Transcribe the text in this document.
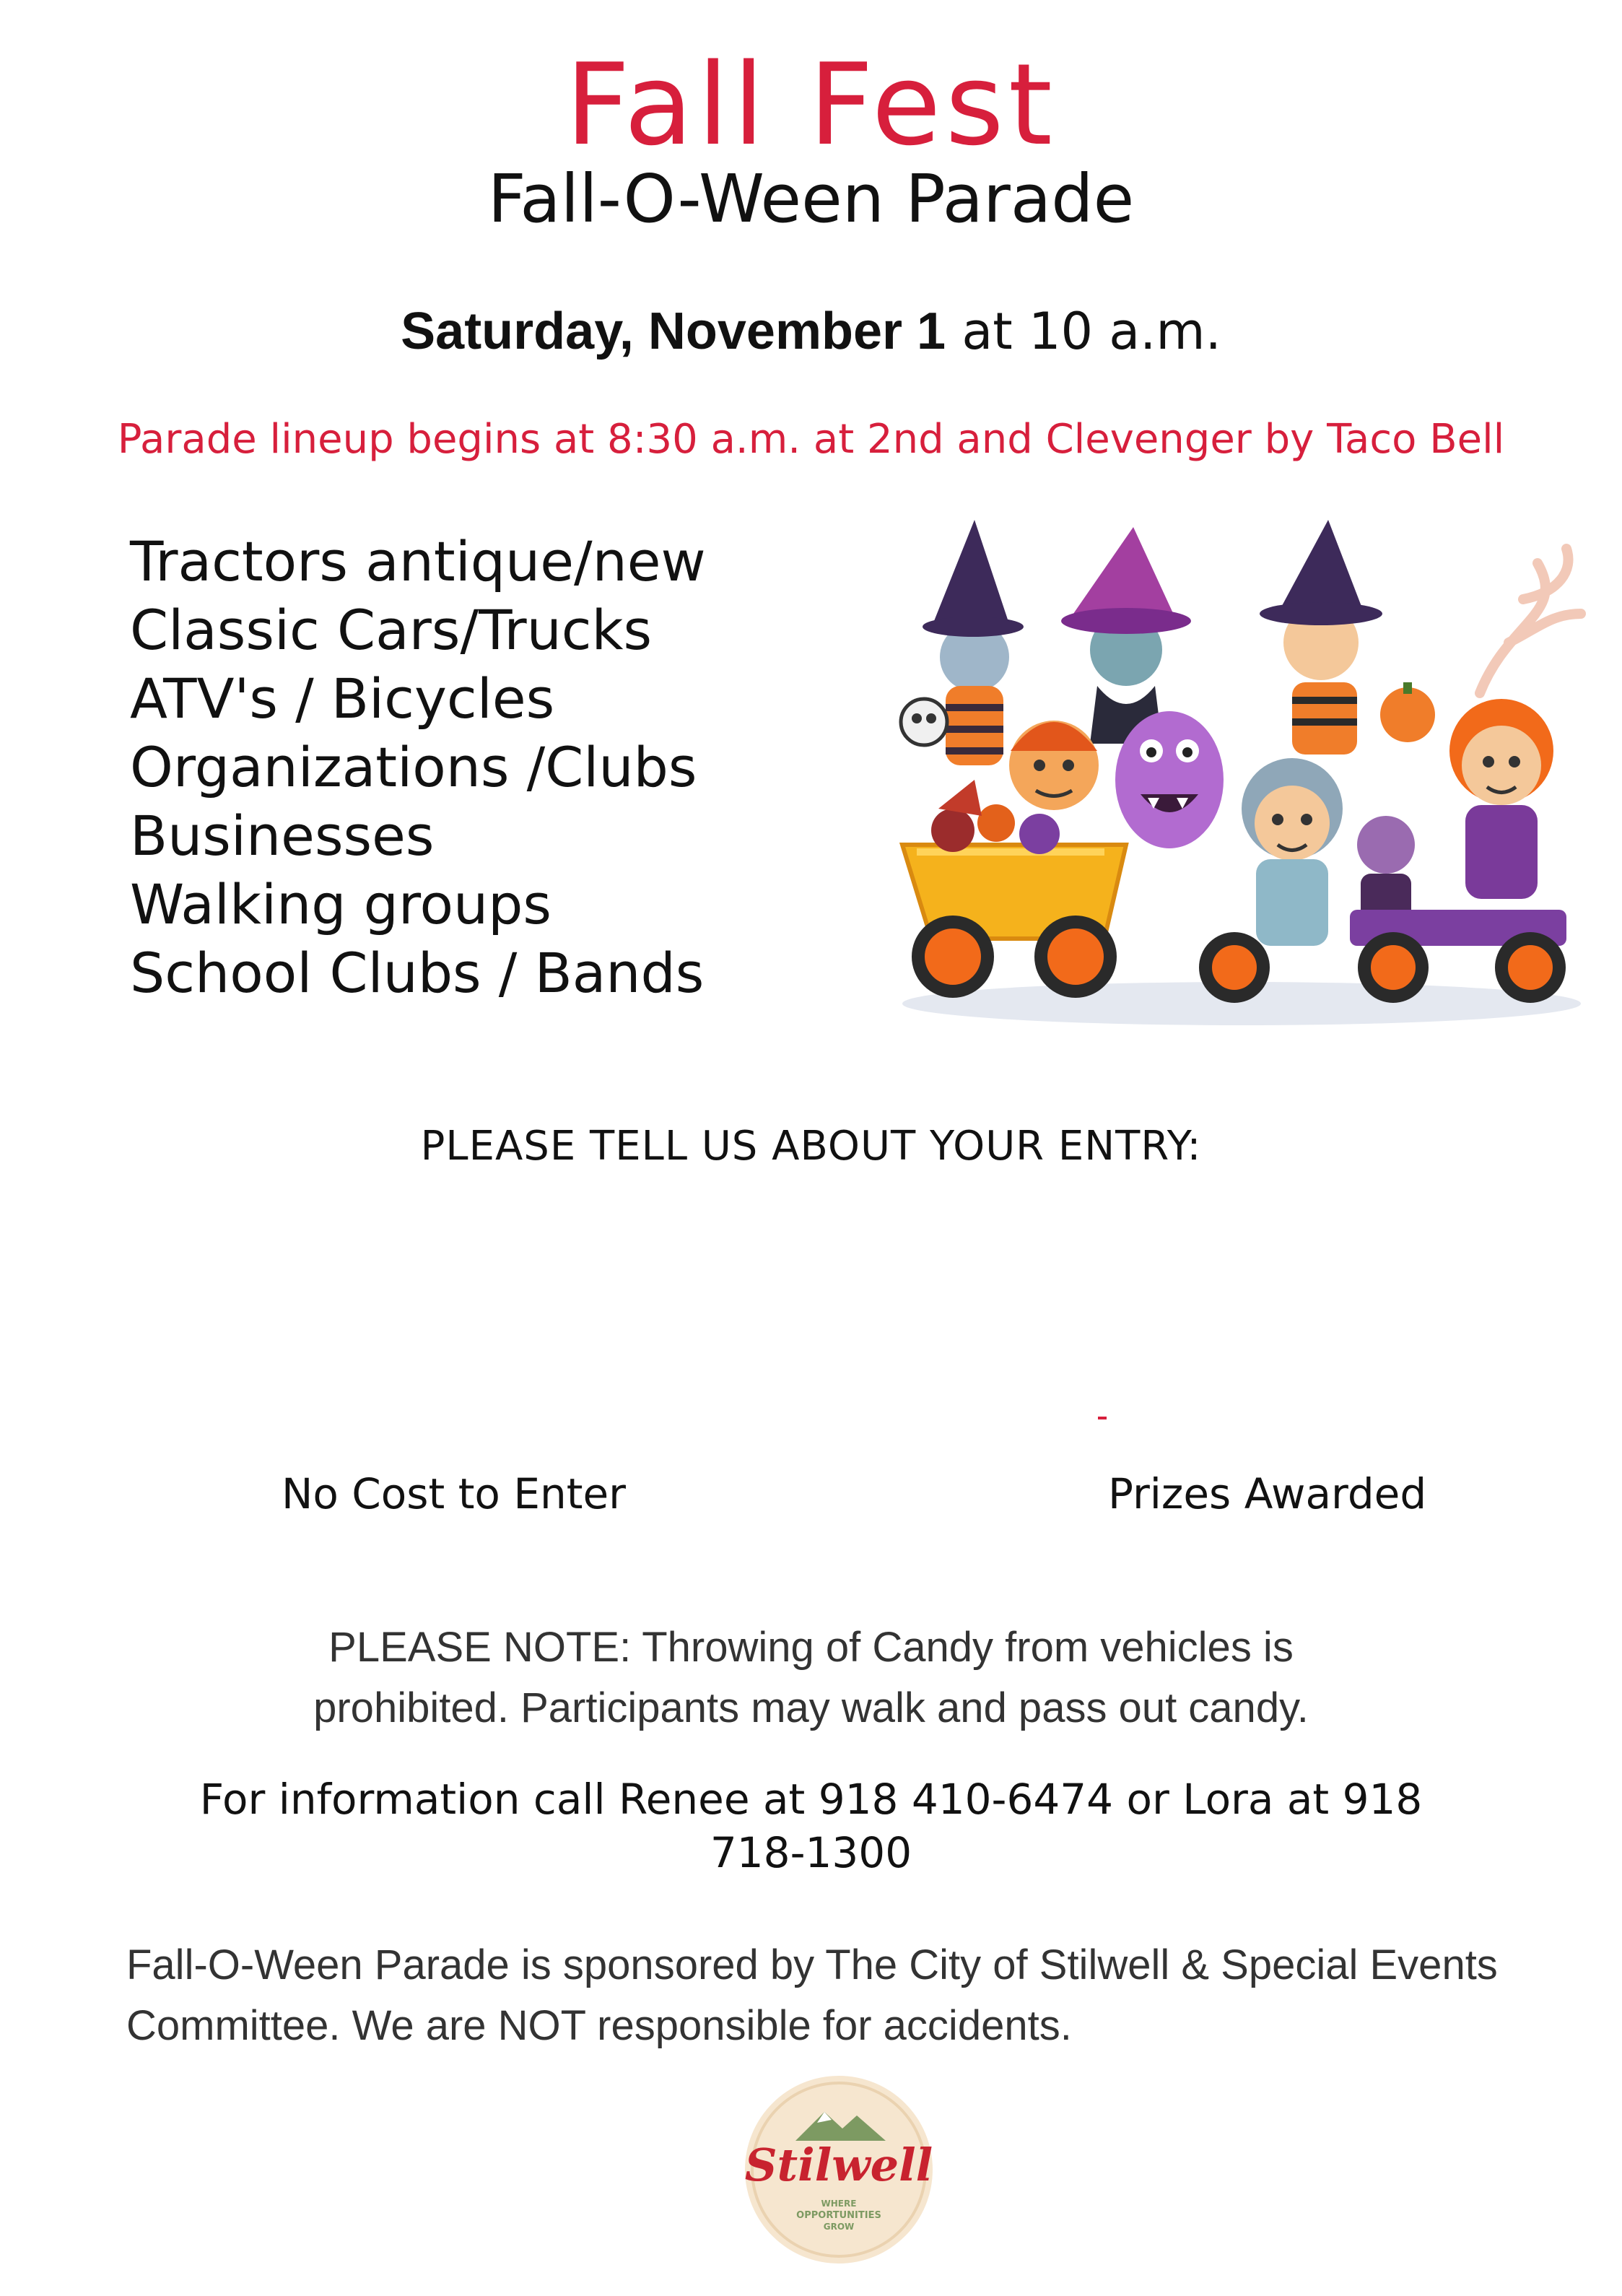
Fall Fest
Fall-O-Ween Parade
Saturday, November 1 at 10 a.m.
Parade lineup begins at 8:30 a.m. at 2nd and Clevenger by Taco Bell
Tractors antique/new
Classic Cars/Trucks
ATV's / Bicycles
Organizations /Clubs
Businesses
Walking groups
School Clubs / Bands
PLEASE TELL US ABOUT YOUR ENTRY:
No Cost to Enter	Prizes Awarded
PLEASE NOTE: Throwing of Candy from vehicles is
prohibited. Participants may walk and pass out candy.
For information call Renee at 918 410-6474 or Lora at 918
718-1300
Fall-O-Ween Parade is sponsored by The City of Stilwell & Special Events
Committee. We are NOT responsible for accidents.
Stilwell
WHERE
OPPORTUNITIES
GROW
